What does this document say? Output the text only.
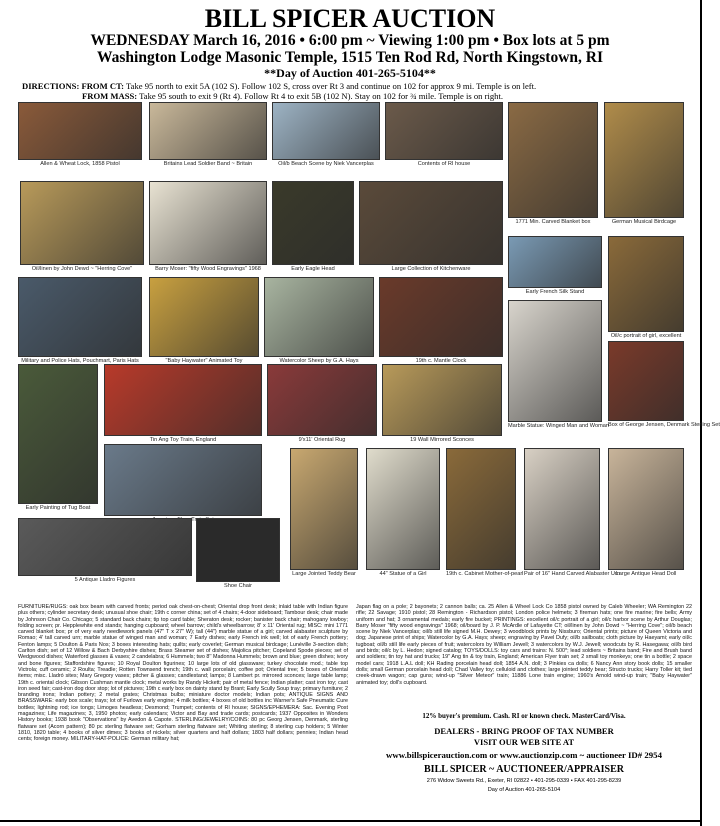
BILL SPICER AUCTION
WEDNESDAY March 16, 2016 • 6:00 pm ~ Viewing 1:00 pm • Box lots at 5 pm
Washington Lodge Masonic Temple, 1515 Ten Rod Rd, North Kingstown, RI
**Day of Auction 401-265-5104**
DIRECTIONS: FROM CT: Take 95 north to exit 5A (102 S). Follow 102 S, cross over Rt 3 and continue on 102 for approx 9 mi. Temple is on left.
FROM MASS: Take 95 south to exit 9 (Rt 4). Follow Rt 4 to exit 5B (102 N). Stay on 102 for ¾ mile. Temple is on right.
Allen & Wheat Lock, 1858 Pistol	Britains Lead Soldier Band ~ Britain	Oil/b Beach Scene by Niek Vancerplas	Contents of RI house
1771 Min. Carved Blanket box	German Musical Birdcage
Oil/linen by John Dewd ~ "Herring Cove"	Barry Moser: "fifty Wood Engravings" 1968	Early Eagle Head	Large Collection of Kitchenware
Early French Silk Stand
Oil/c portrait of girl, excellent
Military and Police Hats, Pouchmart, Paris Hats	"Baby Haywater" Animated Toy	Watercolor Sheep by G.A. Hays	19th c. Mantle Clock
Marble Statue: Winged Man and Woman Box of George Jensen, Denmark Sterling Set
Early Painting of Tug Boat
Tin Ang Toy Train, England	9'x11' Oriental Rug	19 Wall Mirrored Sconces
Large Jointed Teddy Bear	44" Statue of a Girl	19th c. Cabinet Mother-of-pearl Pair of 16" Hand Carved Alabaster Urn
Large Antique Head Doll
5 Antique Lladro Figures
Shoe Chair
FURNITURE/RUGS: oak box beam with carved fronts; period oak chest-on-chest; Oriental drop front desk; inlaid table with Indian figure plus others; cylinder secretary desk; unusual shoe chair; 19th c corner china; set of 4 chairs; 4-door sideboard; Tambour desk; chair made by Johnson Chair Co. Chicago; 5 standard back chairs; tip top card table; Sheraton desk; rocker; banister back chair; mahogany lowboy; folding screen; pr. Hepplewhite end stands; hanging cupboard; wheel barrow; child's wheelbarrow; 8' x 11' Oriental rug; MISC: mini 1771 carved blanket box; pr of very early needlework panels (47" T x 27" W); tall (44") marble statue of a girl; carved alabaster sculpture by Romao; 4' tall carved urn; marble statue of winged man and woman; 7 Early dishes; early French ink well; lot of early French pottery; Fenton lamps; 5 Doulton & Paris Nos; 3 boxes interesting hats; quilts; early coverlet; German musical birdcage; Lunéville 3-section dish; Carlton dish; set of 12 Willow & Bach Derbyshire dishes; Brass Steamer set of dishes; Majolica pitcher; Copeland Spode pieces; set of Wedgwood dishes; Waterford glasses & vases; 2 candelabra; 6 Hummels; two 8'' Madonna Hummels; brown and blue; green dishes; ivory and bone figures; Staffordshire figures; 10 Royal Doulton figurines; 10 large lots of old glassware; turkey chocolate mod.; table top Victrola; cuff ceramic; 2 Roulta; Treadle; Rotten Townsend trench; 19th c. wall porcelain; coffee pot; Oriental tree; 5 boxes of Oriental items; misc. Lladró sites; Mary Gregory vases; pitcher & glasses; candlestand; lamps; 8 Lambert pr. mirrored sconces; large table lamp; 19th c. oriental clock; Gibson Cushman mantle clock; metal works by Randy Hickett; pair of metal fence; Indian platter; cast iron toy; cast iron seed fair; cast-iron dog door stop; lot of pictures; 19th c early box on dainty stand by Brant; Early Scully Soup tray; primary furniture; 2 branding irons; Indian pottery; 2 metal grates; Christmas bulbs; miniature doctor models; Indian pots; ANTIQUE SIGNS AND BRASSWARE: early box scale; trays; lot of Furlows early engine; 4 milk bottles; 4 boxes of old bottles inc Warner's Safe Pneumatic Cure bottles; lightning rod; ice tongs; Limoges headless; Desmond; Trumpet; contents of RI house; SIGNS/EPHEMERA: Sac. Evening Post magazines; Life magazines; 3, 1950 photos; early calendars; Victor and Bay and trade cards; postcards; 1937 Opposites in Wonders History books; 1938 book "Observations" by Avedon & Capote. STERLING/JEWELRY/COINS: 80 pc Georg Jensen, Denmark, sterling flatware set (Acorn pattern); 80 pc sterling flatware set; Gorham sterling flatware set; Whiting sterling; 8 sterling cup holders; 5 Winter 1810, 1820 table; 4 books of silver dimes; 3 books of nickels; silver quarters and half dollars; 1803 half dollars; pennies; Indian head cents; foreign money. MILITARY-HAT-POLICE: German military hat;
Japan flag on a pole; 2 bayonets; 2 cannon balls; ca. 25 Allen & Wheel Lock Co 1858 pistol owned by Caleb Wheeler; WA Remington 22 rifle; 22 Savage; 1910 pistol; 28 Remington - Richardson pistol; London police helmets; 3 fireman hats; one fire marine; fire bells; Army uniform and hat; 3 ornamental medals; early fire bucket; PRINTINGS: excellent oil/c portrait of a girl; oil/c harbor scene by Arthur Douglas; Barry Moser "fifty wood engravings" 1968; oil/board by J. P. McArdle of Lafayette CT; oil/linen by John Dowd ~ "Herring Cove"; oil/b beach scene by Niek Vancerplas; oil/b still life signed M.H. Dewey; 3 woodblock prints by Nissburo; Oriental prints; picture of Queen Victoria and dog; Japanese print of ships; Watercolor by G.A. Hays; sheep; engraving by Pavel Dufy; oil/b sailboats; cloth picture by Haeyami; early oil/c tugboat; oil/b still life early pieces of fruit; watercolors by William Jewell; 3 watercolors by W.J. Jewell; woodcuts by R. Hasegawa; oil/b bird and birds; oil/c by L. Hedon; signed catalog; TOYS/DOLLS: toy cars and trains: N. 500*; lead soldiers ~ Britains band; Fire and Brush band and soldiers; tin toy hat and trucks; 19" Ang tin & toy train, England; American Flyer train set; 2 small toy monkeys; one tin a bottle; 2 space model cars; 1918 L.A.L doll; KH Rading porcelain head doll; 1854 A.N. doll; 3 Pinkies ca dolls; 6 Nancy Ann story book dolls; 15 smaller dolls; small German porcelain head doll; Chad Valley toy; celluloid and clothes; large jointed teddy bear; Structo trucks; Harry Toller kit; tied creek-drawn wagon; cap guns; wind-up "Silver Meteor" train; 11886 Lone train engine; 1960's Arnold wind-up train; "Baby Haywater" animated toy; doll's cupboard.
12% buyer's premium. Cash. RI or known check. MasterCard/Visa.
DEALERS - BRING PROOF OF TAX NUMBER
VISIT OUR WEB SITE AT
www.billspicerauction.com or www.auctionzip.com ~ auctioneer ID# 2954
BILL SPICER ~ AUCTIONEER/APPRAISER
276 Widow Sweets Rd., Exeter, RI 02822 • 401-295-0339 • FAX 401-295-8239
Day of Auction 401-265-5104
